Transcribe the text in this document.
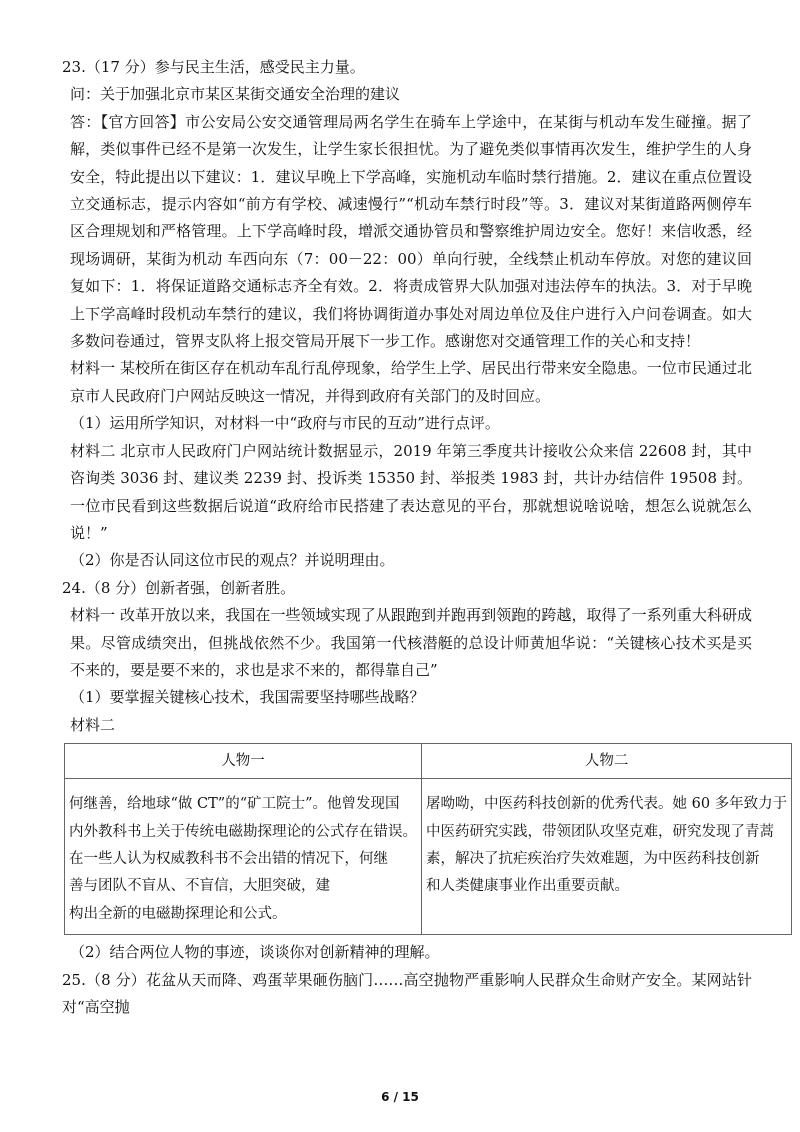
23.（17 分）参与民主生活，感受民主力量。

问：关于加强北京市某区某街交通安全治理的建议

答：【官方回答】市公安局公安交通管理局两名学生在骑车上学途中，在某街与机动车发生碰撞。据了解，类似事件已经不是第一次发生，让学生家长很担忧。为了避免类似事情再次发生，维护学生的人身安全，特此提出以下建议：1．建议早晚上下学高峰，实施机动车临时禁行措施。2．建议在重点位置设立交通标志，提示内容如“前方有学校、减速慢行”“机动车禁行时段”等。3．建议对某街道路两侧停车区合理规划和严格管理。上下学高峰时段，增派交通协管员和警察维护周边安全。您好！来信收悉，经现场调研，某街为机动 车西向东（7：00－22：00）单向行驶，全线禁止机动车停放。对您的建议回复如下：1．将保证道路交通标志齐全有效。2．将责成管界大队加强对违法停车的执法。3．对于早晚上下学高峰时段机动车禁行的建议，我们将协调街道办事处对周边单位及住户进行入户问卷调查。如大多数问卷通过，管界支队将上报交管局开展下一步工作。感谢您对交通管理工作的关心和支持！

材料一 某校所在街区存在机动车乱行乱停现象，给学生上学、居民出行带来安全隐患。一位市民通过北京市人民政府门户网站反映这一情况，并得到政府有关部门的及时回应。

（1）运用所学知识，对材料一中“政府与市民的互动”进行点评。

材料二 北京市人民政府门户网站统计数据显示，2019 年第三季度共计接收公众来信 22608 封，其中咨询类 3036 封、建议类 2239 封、投诉类 15350 封、举报类 1983 封，共计办结信件 19508 封。一位市民看到这些数据后说道“政府给市民搭建了表达意见的平台，那就想说啥说啥，想怎么说就怎么说！”

（2）你是否认同这位市民的观点？并说明理由。

24.（8 分）创新者强，创新者胜。

材料一 改革开放以来，我国在一些领域实现了从跟跑到并跑再到领跑的跨越，取得了一系列重大科研成果。尽管成绩突出，但挑战依然不少。我国第一代核潜艇的总设计师黄旭华说：“关键核心技术买是买不来的，要是要不来的，求也是求不来的，都得靠自己”

（1）要掌握关键核心技术，我国需要坚持哪些战略？

材料二

人物一	人物二

何继善，给地球“做 CT”的“矿工院士”。他曾发现国
内外教科书上关于传统电磁勘探理论的公式存在错误。
在一些人认为权威教科书不会出错的情况下，何继
善与团队不盲从、不盲信，大胆突破，建
构出全新的电磁勘探理论和公式。	屠呦呦，中医药科技创新的优秀代表。她 60 多年致力于
中医药研究实践，带领团队攻坚克难，研究发现了青蒿
素，解决了抗疟疾治疗失效难题，为中医药科技创新
和人类健康事业作出重要贡献。

（2）结合两位人物的事迹，谈谈你对创新精神的理解。

25.（8 分）花盆从天而降、鸡蛋苹果砸伤脑门……高空抛物严重影响人民群众生命财产安全。某网站针对“高空抛

6 / 15
